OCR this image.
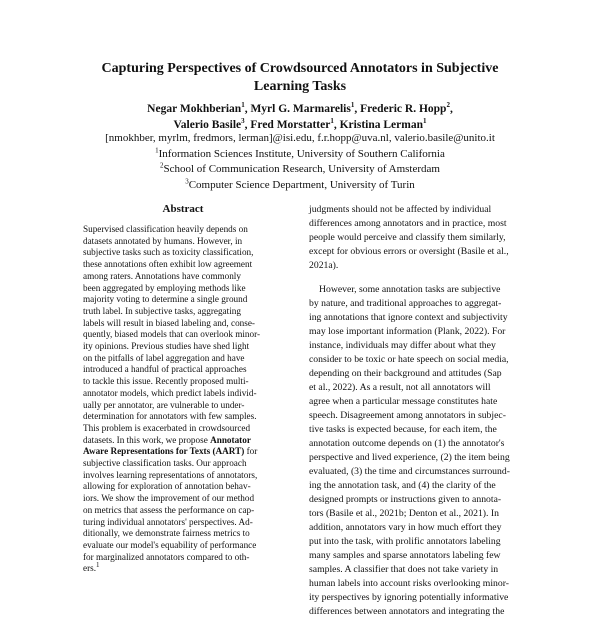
Capturing Perspectives of Crowdsourced Annotators in Subjective
Learning Tasks
Negar Mokhberian$^1$, Myrl G. Marmarelis$^1$, Frederic R. Hopp$^2$,
Valerio Basile$^3$, Fred Morstatter$^1$, Kristina Lerman$^1$
[nmokhber, myrlm, fredmors, lerman]@isi.edu, f.r.hopp@uva.nl, valerio.basile@unito.it
$^1$Information Sciences Institute, University of Southern California
$^2$School of Communication Research, University of Amsterdam
$^3$Computer Science Department, University of Turin
Abstract
Supervised classification heavily depends on
datasets annotated by humans. However, in
subjective tasks such as toxicity classification,
these annotations often exhibit low agreement
among raters. Annotations have commonly
been aggregated by employing methods like
majority voting to determine a single ground
truth label. In subjective tasks, aggregating
labels will result in biased labeling and, conse-
quently, biased models that can overlook minor-
ity opinions. Previous studies have shed light
on the pitfalls of label aggregation and have
introduced a handful of practical approaches
to tackle this issue. Recently proposed multi-
annotator models, which predict labels individ-
ually per annotator, are vulnerable to under-
determination for annotators with few samples.
This problem is exacerbated in crowdsourced
datasets. In this work, we propose Annotator
Aware Representations for Texts (AART) for
subjective classification tasks. Our approach
involves learning representations of annotators,
allowing for exploration of annotation behav-
iors. We show the improvement of our method
on metrics that assess the performance on cap-
turing individual annotators' perspectives. Ad-
ditionally, we demonstrate fairness metrics to
evaluate our model's equability of performance
for marginalized annotators compared to oth-
ers.$^1$
judgments should not be affected by individual
differences among annotators and in practice, most
people would perceive and classify them similarly,
except for obvious errors or oversight (Basile et al.,
2021a).
However, some annotation tasks are subjective
by nature, and traditional approaches to aggregat-
ing annotations that ignore context and subjectivity
may lose important information (Plank, 2022). For
instance, individuals may differ about what they
consider to be toxic or hate speech on social media,
depending on their background and attitudes (Sap
et al., 2022). As a result, not all annotators will
agree when a particular message constitutes hate
speech. Disagreement among annotators in subjec-
tive tasks is expected because, for each item, the
annotation outcome depends on (1) the annotator's
perspective and lived experience, (2) the item being
evaluated, (3) the time and circumstances surround-
ing the annotation task, and (4) the clarity of the
designed prompts or instructions given to annota-
tors (Basile et al., 2021b; Denton et al., 2021). In
addition, annotators vary in how much effort they
put into the task, with prolific annotators labeling
many samples and sparse annotators labeling few
samples. A classifier that does not take variety in
human labels into account risks overlooking minor-
ity perspectives by ignoring potentially informative
differences between annotators and integrating the
